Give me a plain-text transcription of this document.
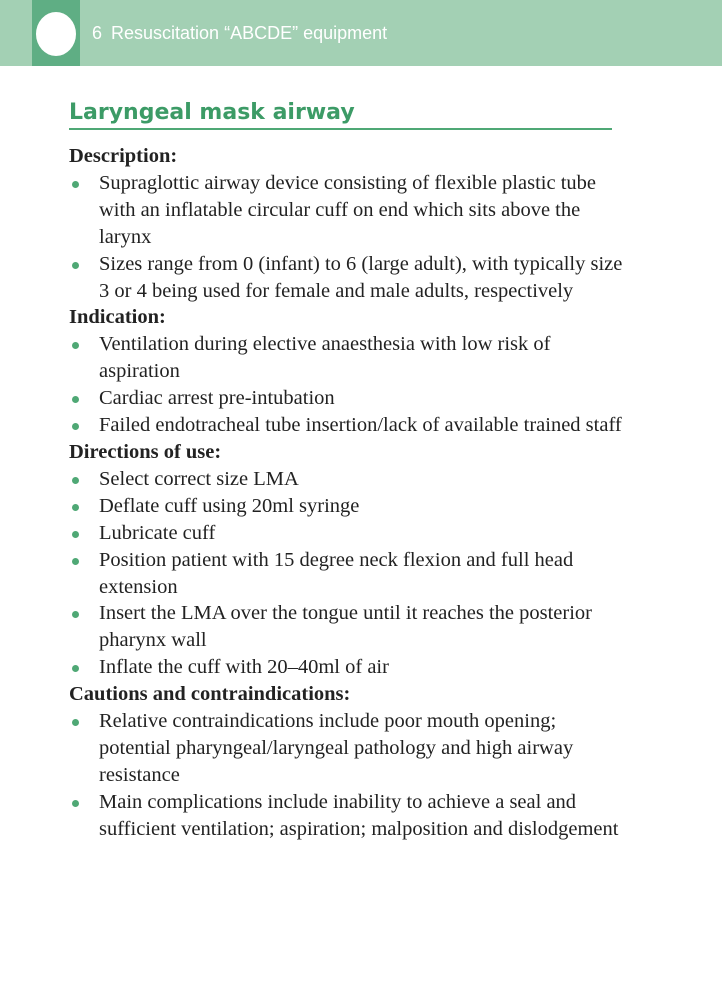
6 Resuscitation “ABCDE” equipment
Laryngeal mask airway
Description:
Supraglottic airway device consisting of flexible plastic tube with an inflatable circular cuff on end which sits above the larynx
Sizes range from 0 (infant) to 6 (large adult), with typically size 3 or 4 being used for female and male adults, respectively
Indication:
Ventilation during elective anaesthesia with low risk of aspiration
Cardiac arrest pre-intubation
Failed endotracheal tube insertion/lack of available trained staff
Directions of use:
Select correct size LMA
Deflate cuff using 20ml syringe
Lubricate cuff
Position patient with 15 degree neck flexion and full head extension
Insert the LMA over the tongue until it reaches the posterior pharynx wall
Inflate the cuff with 20–40ml of air
Cautions and contraindications:
Relative contraindications include poor mouth opening; potential pharyngeal/laryngeal pathology and high airway resistance
Main complications include inability to achieve a seal and sufficient ventilation; aspiration; malposition and dislodgement
